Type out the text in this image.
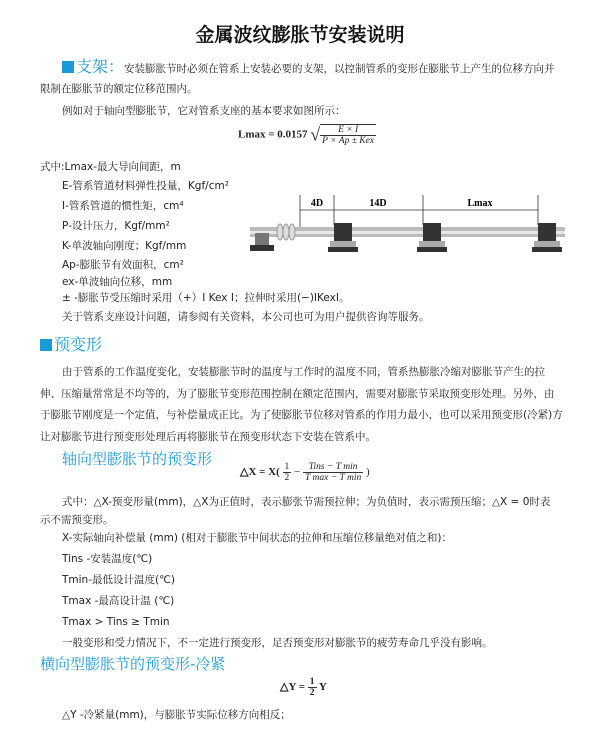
金属波纹膨胀节安装说明
支架：安装膨胀节时必须在管系上安装必要的支架，以控制管系的变形在膨胀节上产生的位移方向并
限制在膨胀节的额定位移范围内。
例如对于轴向型膨胀节，它对管系支座的基本要求如图所示：
Lmax = 0.0157 √ $\frac{E \times I}{\text{P × Ap ± Kex}}$
式中:Lmax-最大导向间距，m
E-管系管道材料弹性投量，Kgf/cm²
I-管系管道的惯性矩，cm⁴
P-设计压力，Kgf/mm²
K-单波轴向刚度；Kgf/mm
Ap-膨胀节有效面积，cm²
ex-单波轴向位移，mm
± -膨胀节受压缩时采用（+）I Kex I；拉伸时采用(−)IKexI。
关于管系支座设计问题，请参阅有关资料，本公司也可为用户提供咨询等服务。
4D	14D	Lmax
预变形
由于管系的工作温度变化，安装膨胀节时的温度与工作时的温度不同，管系热膨胀冷缩对膨胀节产生的拉
伸、压缩量常常是不均等的，为了膨胀节变形范围控制在额定范围内，需要对膨胀节采取预变形处理。另外，由
于膨胀节刚度是一个定值，与补偿量成正比。为了使膨胀节位移对管系的作用力最小，也可以采用预变形(冷紧)方
让对膨胀节进行预变形处理后再将膨胀节在预变形状态下安装在管系中。
轴向型膨胀节的预变形
△X = $X( \frac{1}{2} - \frac{\text{Tins − T min}}{\text{T max − T min}}$ )
式中：△X-预变形量(mm)，△X为正值时，表示膨张节需预拉伸；为负值时，表示需预压缩；△X = 0时表
示不需预变形。
X-实际轴向补偿量 (mm) (相对于膨胀节中间状态的拉伸和压缩位移量绝对值之和)：
Tins -安装温度(℃)
Tmin-最低设计温度(℃)
Tmax -最高设计温 (℃)
Tmax > Tins ≥ Tmin
一般变形和受力情况下，不一定进行预变形，足否预变形对膨胀节的疲劳寿命几乎没有影响。
横向型膨胀节的预变形-冷紧
△Y = $\frac{1}{2}$ Y
△Y -冷紧量(mm)，与膨胀节实际位移方向相反；
